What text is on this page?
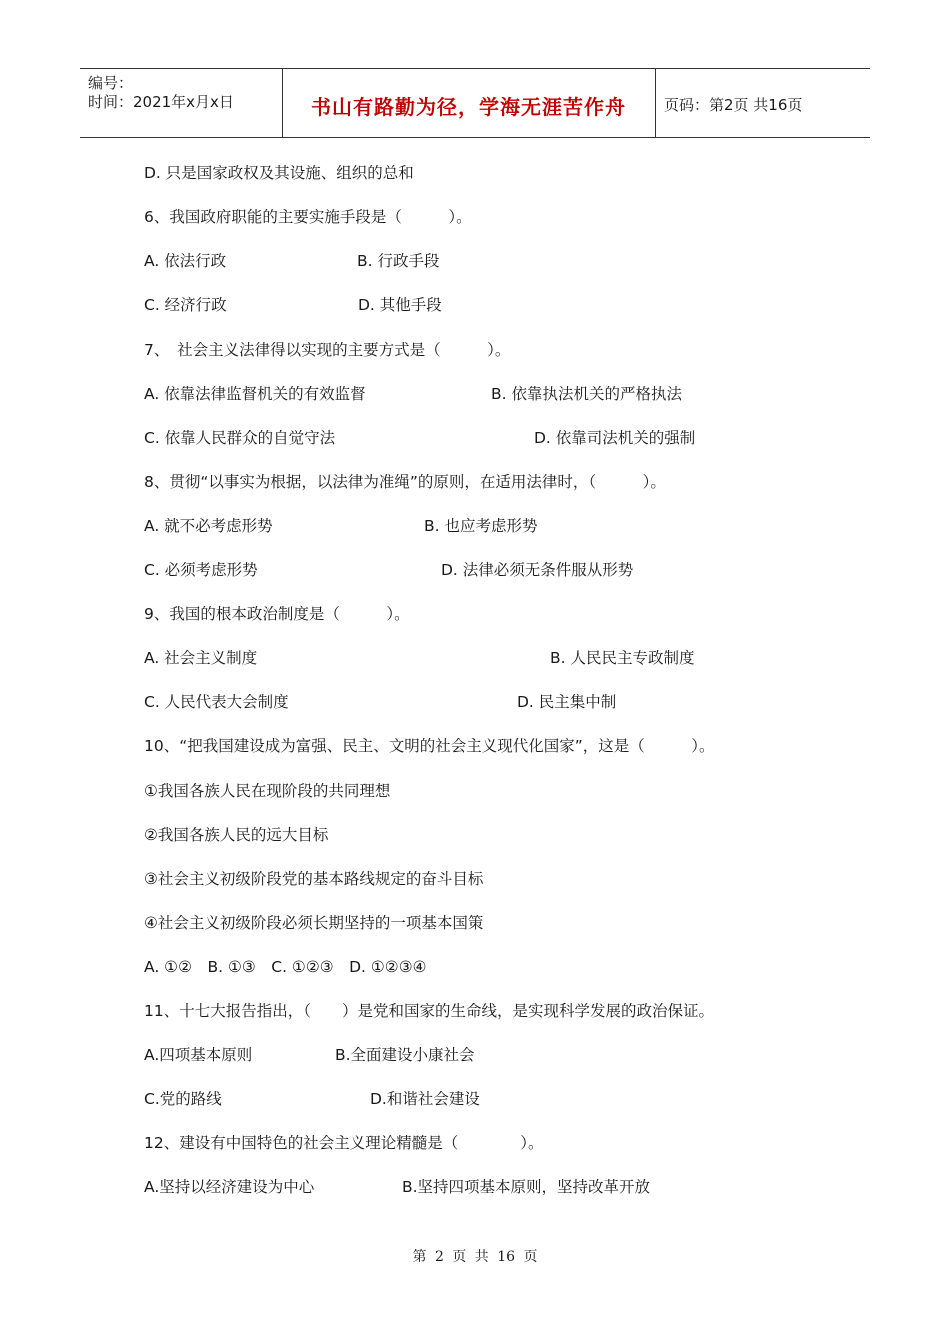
编号：
时间：2021年x月x日	书山有路勤为径，学海无涯苦作舟	页码：第2页 共16页
D. 只是国家政权及其设施、组织的总和
6、我国政府职能的主要实施手段是（　　　）。
A. 依法行政	B. 行政手段
C. 经济行政	D. 其他手段
7、　社会主义法律得以实现的主要方式是（　　　）。
A. 依靠法律监督机关的有效监督	B. 依靠执法机关的严格执法
C. 依靠人民群众的自觉守法	D. 依靠司法机关的强制
8、贯彻“以事实为根据，以法律为准绳”的原则，在适用法律时，（　　　）。
A. 就不必考虑形势	B. 也应考虑形势
C. 必须考虑形势	D. 法律必须无条件服从形势
9、我国的根本政治制度是（　　　）。
A. 社会主义制度	B. 人民民主专政制度
C. 人民代表大会制度	D. 民主集中制
10、“把我国建设成为富强、民主、文明的社会主义现代化国家”，这是（　　　）。
①我国各族人民在现阶段的共同理想
②我国各族人民的远大目标
③社会主义初级阶段党的基本路线规定的奋斗目标
④社会主义初级阶段必须长期坚持的一项基本国策
A. ①②　B. ①③　C. ①②③　D. ①②③④
11、十七大报告指出，（　　）是党和国家的生命线，是实现科学发展的政治保证。
A.四项基本原则	B.全面建设小康社会
C.党的路线	D.和谐社会建设
12、建设有中国特色的社会主义理论精髓是（　　　　）。
A.坚持以经济建设为中心	B.坚持四项基本原则，坚持改革开放
第 2 页 共 16 页
